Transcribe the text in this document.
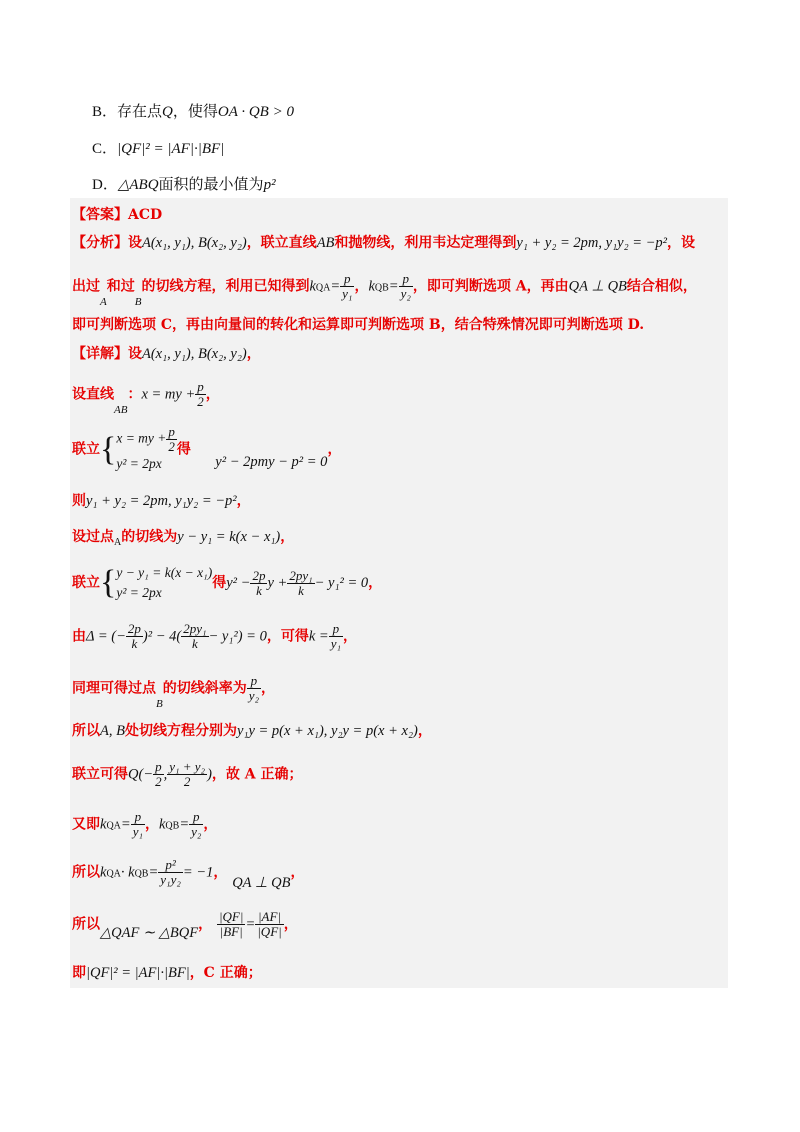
B．存在点Q，使得OA · QB > 0
C．|QF|² = |AF|·|BF|
D．△ABQ面积的最小值为p²
【答案】ACD
【分析】设A(x₁, y₁), B(x₂, y₂)，联立直线AB和抛物线，利用韦达定理得到y₁ + y₂ = 2pm, y₁y₂ = −p²，设
出过$_A$和过$_B$的切线方程，利用已知得到$kQA= \frac{p}{\text{y₁}}$ ，$kQB= \frac{p}{\text{y₂}}$ ，即可判断选项 A，再由QA ⊥ QB结合相似，
即可判断选项 C，再由向量间的转化和运算即可判断选项 B，结合特殊情况即可判断选项 D.
【详解】设A(x₁, y₁), B(x₂, y₂)，
设直线$_{AB}$：x = my + $\frac{p}{2}$ ，
联立{x = my + $\frac{p}{2}$

y² = 2px得     y² − 2pmy − p² = 0，
则y₁ + y₂ = 2pm, y₁y₂ = −p²，
设过点$_A$的切线为y − y₁ = k(x − x₁)，
联立{y − y₁ = k(x − x₁)
y² = 2px得$y^2 - \frac{2p}{k}$ $y + \frac{\text{2py₁}}{k} - y_1^2 = 0$，
由Δ = (− $\frac{2p}{k} )^2 - 4( \frac{\text{2py₁}}{k} - y_1^2) = 0$，可得$k = \frac{p}{\text{y₁}}$ ，
同理可得过点$_B$的切线斜率为 $\frac{p}{\text{y₂}}$ ，
所以A, B处切线方程分别为y₁y = p(x + x₁), y₂y = p(x + x₂)，
联立可得$Q(- \frac{p}{2}$ , $\frac{\text{y₁ + y₂}}{2}$ )，故 A 正确；
又即$kQA= \frac{p}{\text{y₁}}$ ，$kQB= \frac{p}{\text{y₂}}$ ，
所以$kQA\cdot kQB= \frac{\text{p²}}{\text{y₁y₂}} = -1$， QA ⊥ QB，
所以△QAF ∼ △BQF， $\frac{|QF|}{|BF|} = \frac{|AF|}{|QF|}$ ，
即|QF|² = |AF|·|BF|，C 正确；
